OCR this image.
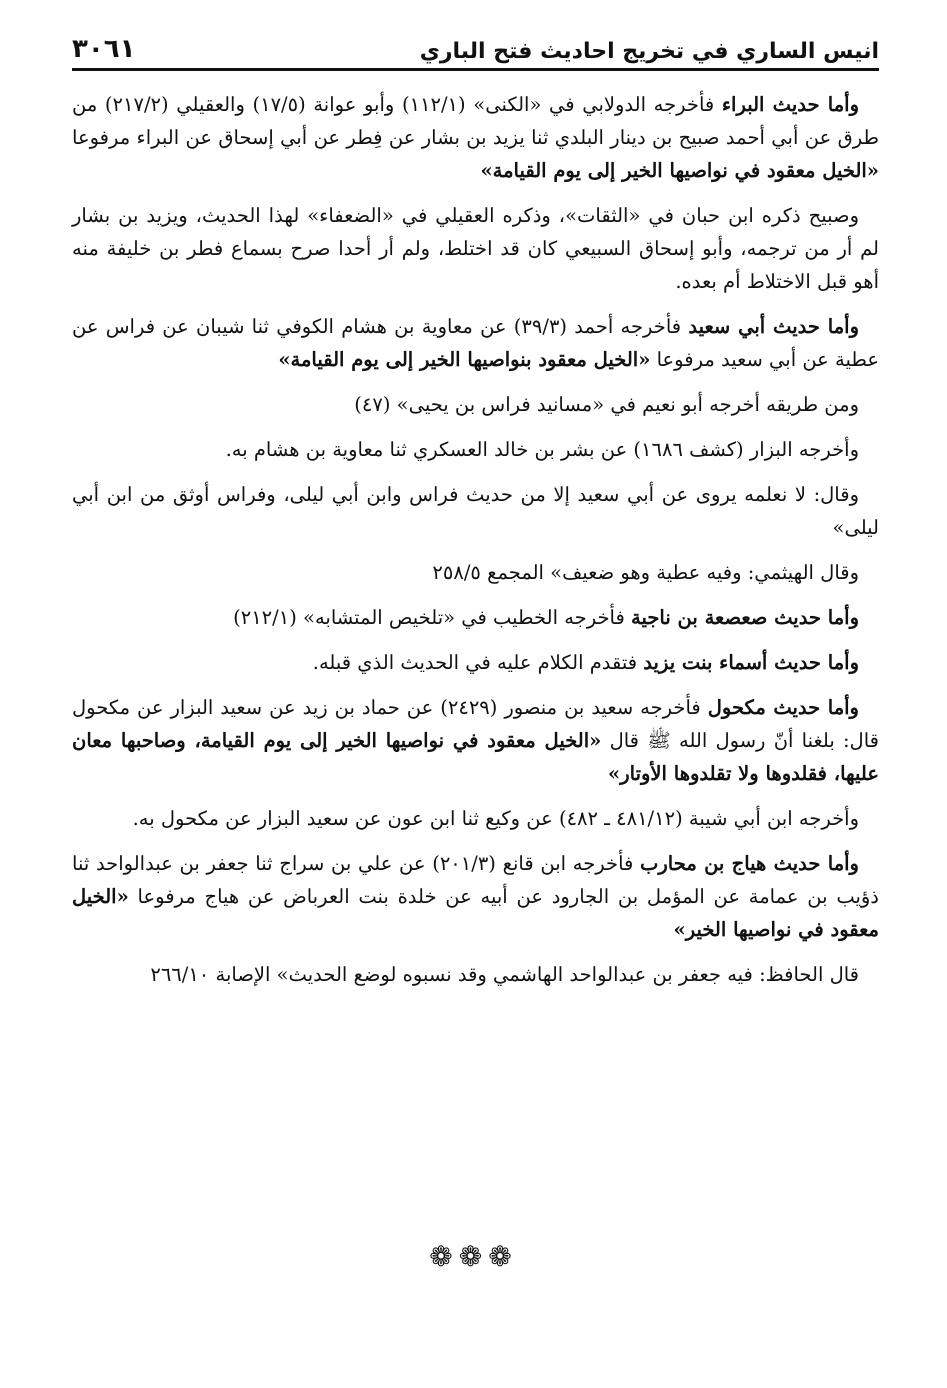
انيس الساري في تخريج احاديث فتح الباري
٣٠٦١

وأما حديث البراء فأخرجه الدولابي في «الكنى» (١١٢/١) وأبو عوانة (١٧/٥) والعقيلي (٢١٧/٢) من طرق عن أبي أحمد صبيح بن دينار البلدي ثنا يزيد بن بشار عن فِطر عن أبي إسحاق عن البراء مرفوعا «الخيل معقود في نواصيها الخير إلى يوم القيامة»

وصبيح ذكره ابن حبان في «الثقات»، وذكره العقيلي في «الضعفاء» لهذا الحديث، ويزيد بن بشار لم أر من ترجمه، وأبو إسحاق السبيعي كان قد اختلط، ولم أر أحدا صرح بسماع فطر بن خليفة منه أهو قبل الاختلاط أم بعده.

وأما حديث أبي سعيد فأخرجه أحمد (٣٩/٣) عن معاوية بن هشام الكوفي ثنا شيبان عن فراس عن عطية عن أبي سعيد مرفوعا «الخيل معقود بنواصيها الخير إلى يوم القيامة»

ومن طريقه أخرجه أبو نعيم في «مسانيد فراس بن يحيى» (٤٧)

وأخرجه البزار (كشف ١٦٨٦) عن بشر بن خالد العسكري ثنا معاوية بن هشام به.

وقال: لا نعلمه يروى عن أبي سعيد إلا من حديث فراس وابن أبي ليلى، وفراس أوثق من ابن أبي ليلى»

وقال الهيثمي: وفيه عطية وهو ضعيف» المجمع ٢٥٨/٥

وأما حديث صعصعة بن ناجية فأخرجه الخطيب في «تلخيص المتشابه» (٢١٢/١)

وأما حديث أسماء بنت يزيد فتقدم الكلام عليه في الحديث الذي قبله.

وأما حديث مكحول فأخرجه سعيد بن منصور (٢٤٢٩) عن حماد بن زيد عن سعيد البزار عن مكحول قال: بلغنا أنّ رسول الله ﷺ قال «الخيل معقود في نواصيها الخير إلى يوم القيامة، وصاحبها معان عليها، فقلدوها ولا تقلدوها الأوتار»

وأخرجه ابن أبي شيبة (٤٨١/١٢ ـ ٤٨٢) عن وكيع ثنا ابن عون عن سعيد البزار عن مكحول به.

وأما حديث هياج بن محارب فأخرجه ابن قانع (٢٠١/٣) عن علي بن سراج ثنا جعفر بن عبدالواحد ثنا ذؤيب بن عمامة عن المؤمل بن الجارود عن أبيه عن خلدة بنت العرباض عن هياج مرفوعا «الخيل معقود في نواصيها الخير»

قال الحافظ: فيه جعفر بن عبدالواحد الهاشمي وقد نسبوه لوضع الحديث» الإصابة ٢٦٦/١٠

❁❁❁
